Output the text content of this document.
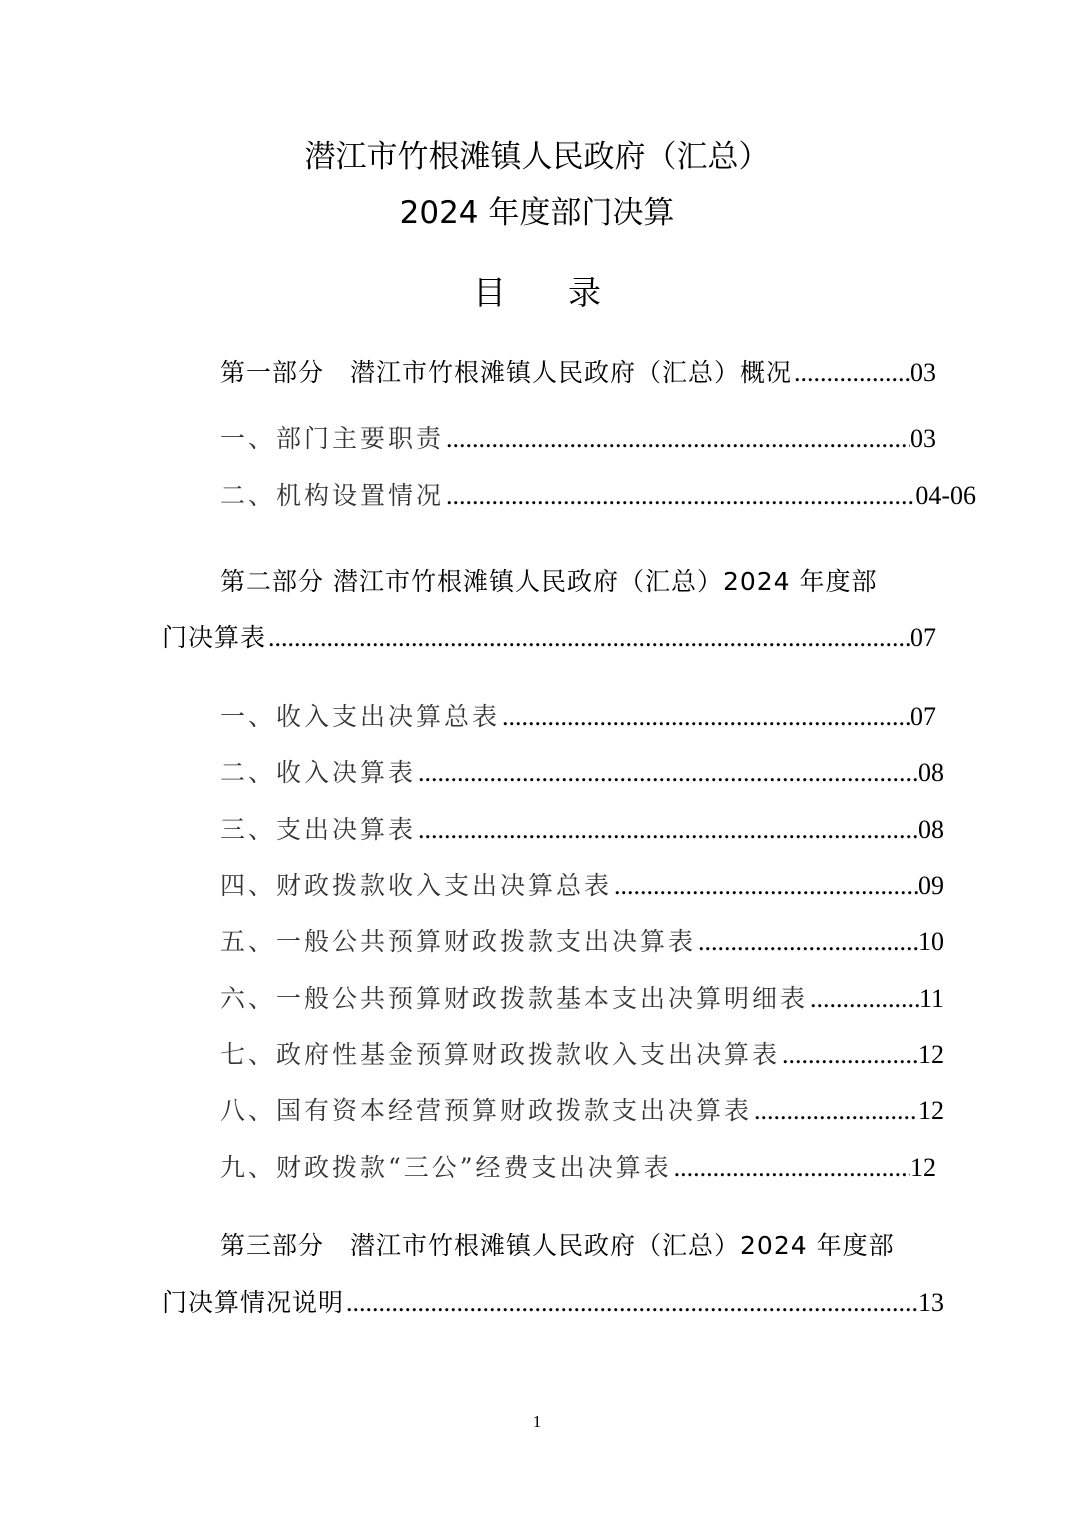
潜江市竹根滩镇人民政府（汇总）
2024 年度部门决算
目录
第一部分　潜江市竹根滩镇人民政府（汇总）概况 .....	03
一、部门主要职责 .....	03
二、机构设置情况 .....	04-06
第二部分 潜江市竹根滩镇人民政府（汇总）2024 年度部
门决算表 .....	07
一、收入支出决算总表 .....	07
二、收入决算表 .....	08
三、支出决算表 .....	08
四、财政拨款收入支出决算总表 .....	09
五、一般公共预算财政拨款支出决算表 .....	10
六、一般公共预算财政拨款基本支出决算明细表 .....	11
七、政府性基金预算财政拨款收入支出决算表 .....	12
八、国有资本经营预算财政拨款支出决算表 .....	12
九、财政拨款“三公”经费支出决算表 .....	12
第三部分　潜江市竹根滩镇人民政府（汇总）2024 年度部
门决算情况说明 .....	13
1
